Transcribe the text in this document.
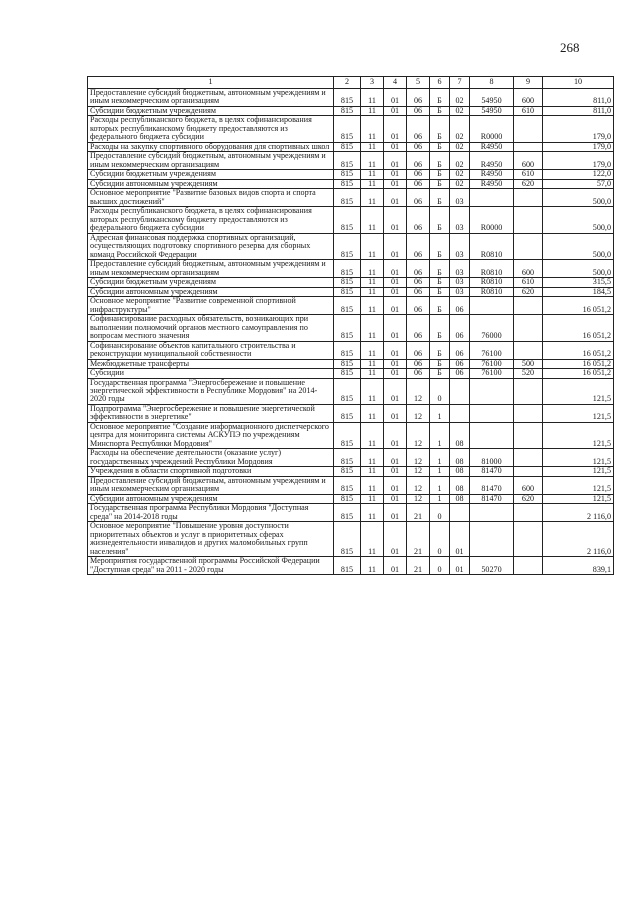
268
1	2	3	4	5	6	7	8	9	10
Предоставление субсидий бюджетным, автономным учреждениям и иным некоммерческим организациям	815	11	01	06	Б	02	54950	600	811,0
Субсидии бюджетным учреждениям	815	11	01	06	Б	02	54950	610	811,0
Расходы республиканского бюджета, в целях софинансирования которых республиканскому бюджету предоставляются из федерального бюджета субсидии	815	11	01	06	Б	02	R0000		179,0
Расходы на закупку спортивного оборудования для спортивных школ	815	11	01	06	Б	02	R4950		179,0
Предоставление субсидий бюджетным, автономным учреждениям и иным некоммерческим организациям	815	11	01	06	Б	02	R4950	600	179,0
Субсидии бюджетным учреждениям	815	11	01	06	Б	02	R4950	610	122,0
Субсидии автономным учреждениям	815	11	01	06	Б	02	R4950	620	57,0
Основное мероприятие "Развитие базовых видов спорта и спорта высших достижений"	815	11	01	06	Б	03			500,0
Расходы республиканского бюджета, в целях софинансирования которых республиканскому бюджету предоставляются из федерального бюджета субсидии	815	11	01	06	Б	03	R0000		500,0
Адресная финансовая поддержка спортивных организаций, осуществляющих подготовку спортивного резерва для сборных команд Российской Федерации	815	11	01	06	Б	03	R0810		500,0
Предоставление субсидий бюджетным, автономным учреждениям и иным некоммерческим организациям	815	11	01	06	Б	03	R0810	600	500,0
Субсидии бюджетным учреждениям	815	11	01	06	Б	03	R0810	610	315,5
Субсидии автономным учреждениям	815	11	01	06	Б	03	R0810	620	184,5
Основное мероприятие "Развитие современной спортивной инфраструктуры"	815	11	01	06	Б	06			16 051,2
Софинансирование расходных обязательств, возникающих при выполнении полномочий органов местного самоуправления по вопросам местного значения	815	11	01	06	Б	06	76000		16 051,2
Софинансирование объектов капитального строительства и реконструкции муниципальной собственности	815	11	01	06	Б	06	76100		16 051,2
Межбюджетные трансферты	815	11	01	06	Б	06	76100	500	16 051,2
Субсидии	815	11	01	06	Б	06	76100	520	16 051,2
Государственная программа "Энергосбережение и повышение энергетической эффективности в Республике Мордовия" на 2014-2020 годы	815	11	01	12	0				121,5
Подпрограмма "Энергосбережение и повышение энергетической эффективности в энергетике"	815	11	01	12	1				121,5
Основное мероприятие "Создание информационного диспетчерского центра для мониторинга системы АСКУПЭ по учреждениям Минспорта Республики Мордовия"	815	11	01	12	1	08			121,5
Расходы на обеспечение деятельности (оказание услуг) государственных учреждений Республики Мордовия	815	11	01	12	1	08	81000		121,5
Учреждения в области спортивной подготовки	815	11	01	12	1	08	81470		121,5
Предоставление субсидий бюджетным, автономным учреждениям и иным некоммерческим организациям	815	11	01	12	1	08	81470	600	121,5
Субсидии автономным учреждениям	815	11	01	12	1	08	81470	620	121,5
Государственная программа Республики Мордовия "Доступная среда" на 2014-2018 годы	815	11	01	21	0				2 116,0
Основное мероприятие "Повышение уровня доступности приоритетных объектов и услуг в приоритетных сферах жизнедеятельности инвалидов и других маломобильных групп населения"	815	11	01	21	0	01			2 116,0
Мероприятия государственной программы Российской Федерации "Доступная среда" на 2011 - 2020 годы	815	11	01	21	0	01	50270		839,1
